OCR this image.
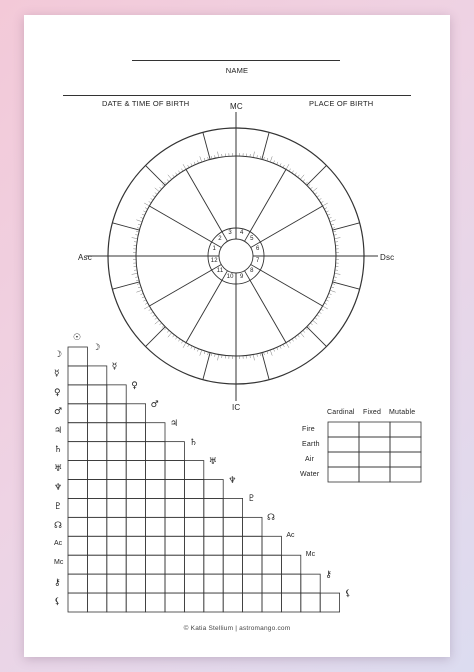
NAME
DATE & TIME OF BIRTH	PLACE OF BIRTH
MC
IC
Asc	Dsc
1
2
3	4
5
6
7
8
9
10
11
12
☉
☽
☽
☿
☿
♀
♀
♂
♂
♃
♃
♄
♄
♅
♅
♆
♆
♇
♇
☊
☊
Ac
Ac
Mc
Mc
⚷
⚷
⚸
⚸
Cardinal Fixed Mutable
Fire
Earth
Air
Water
© Katia Stellium | astromango.com
